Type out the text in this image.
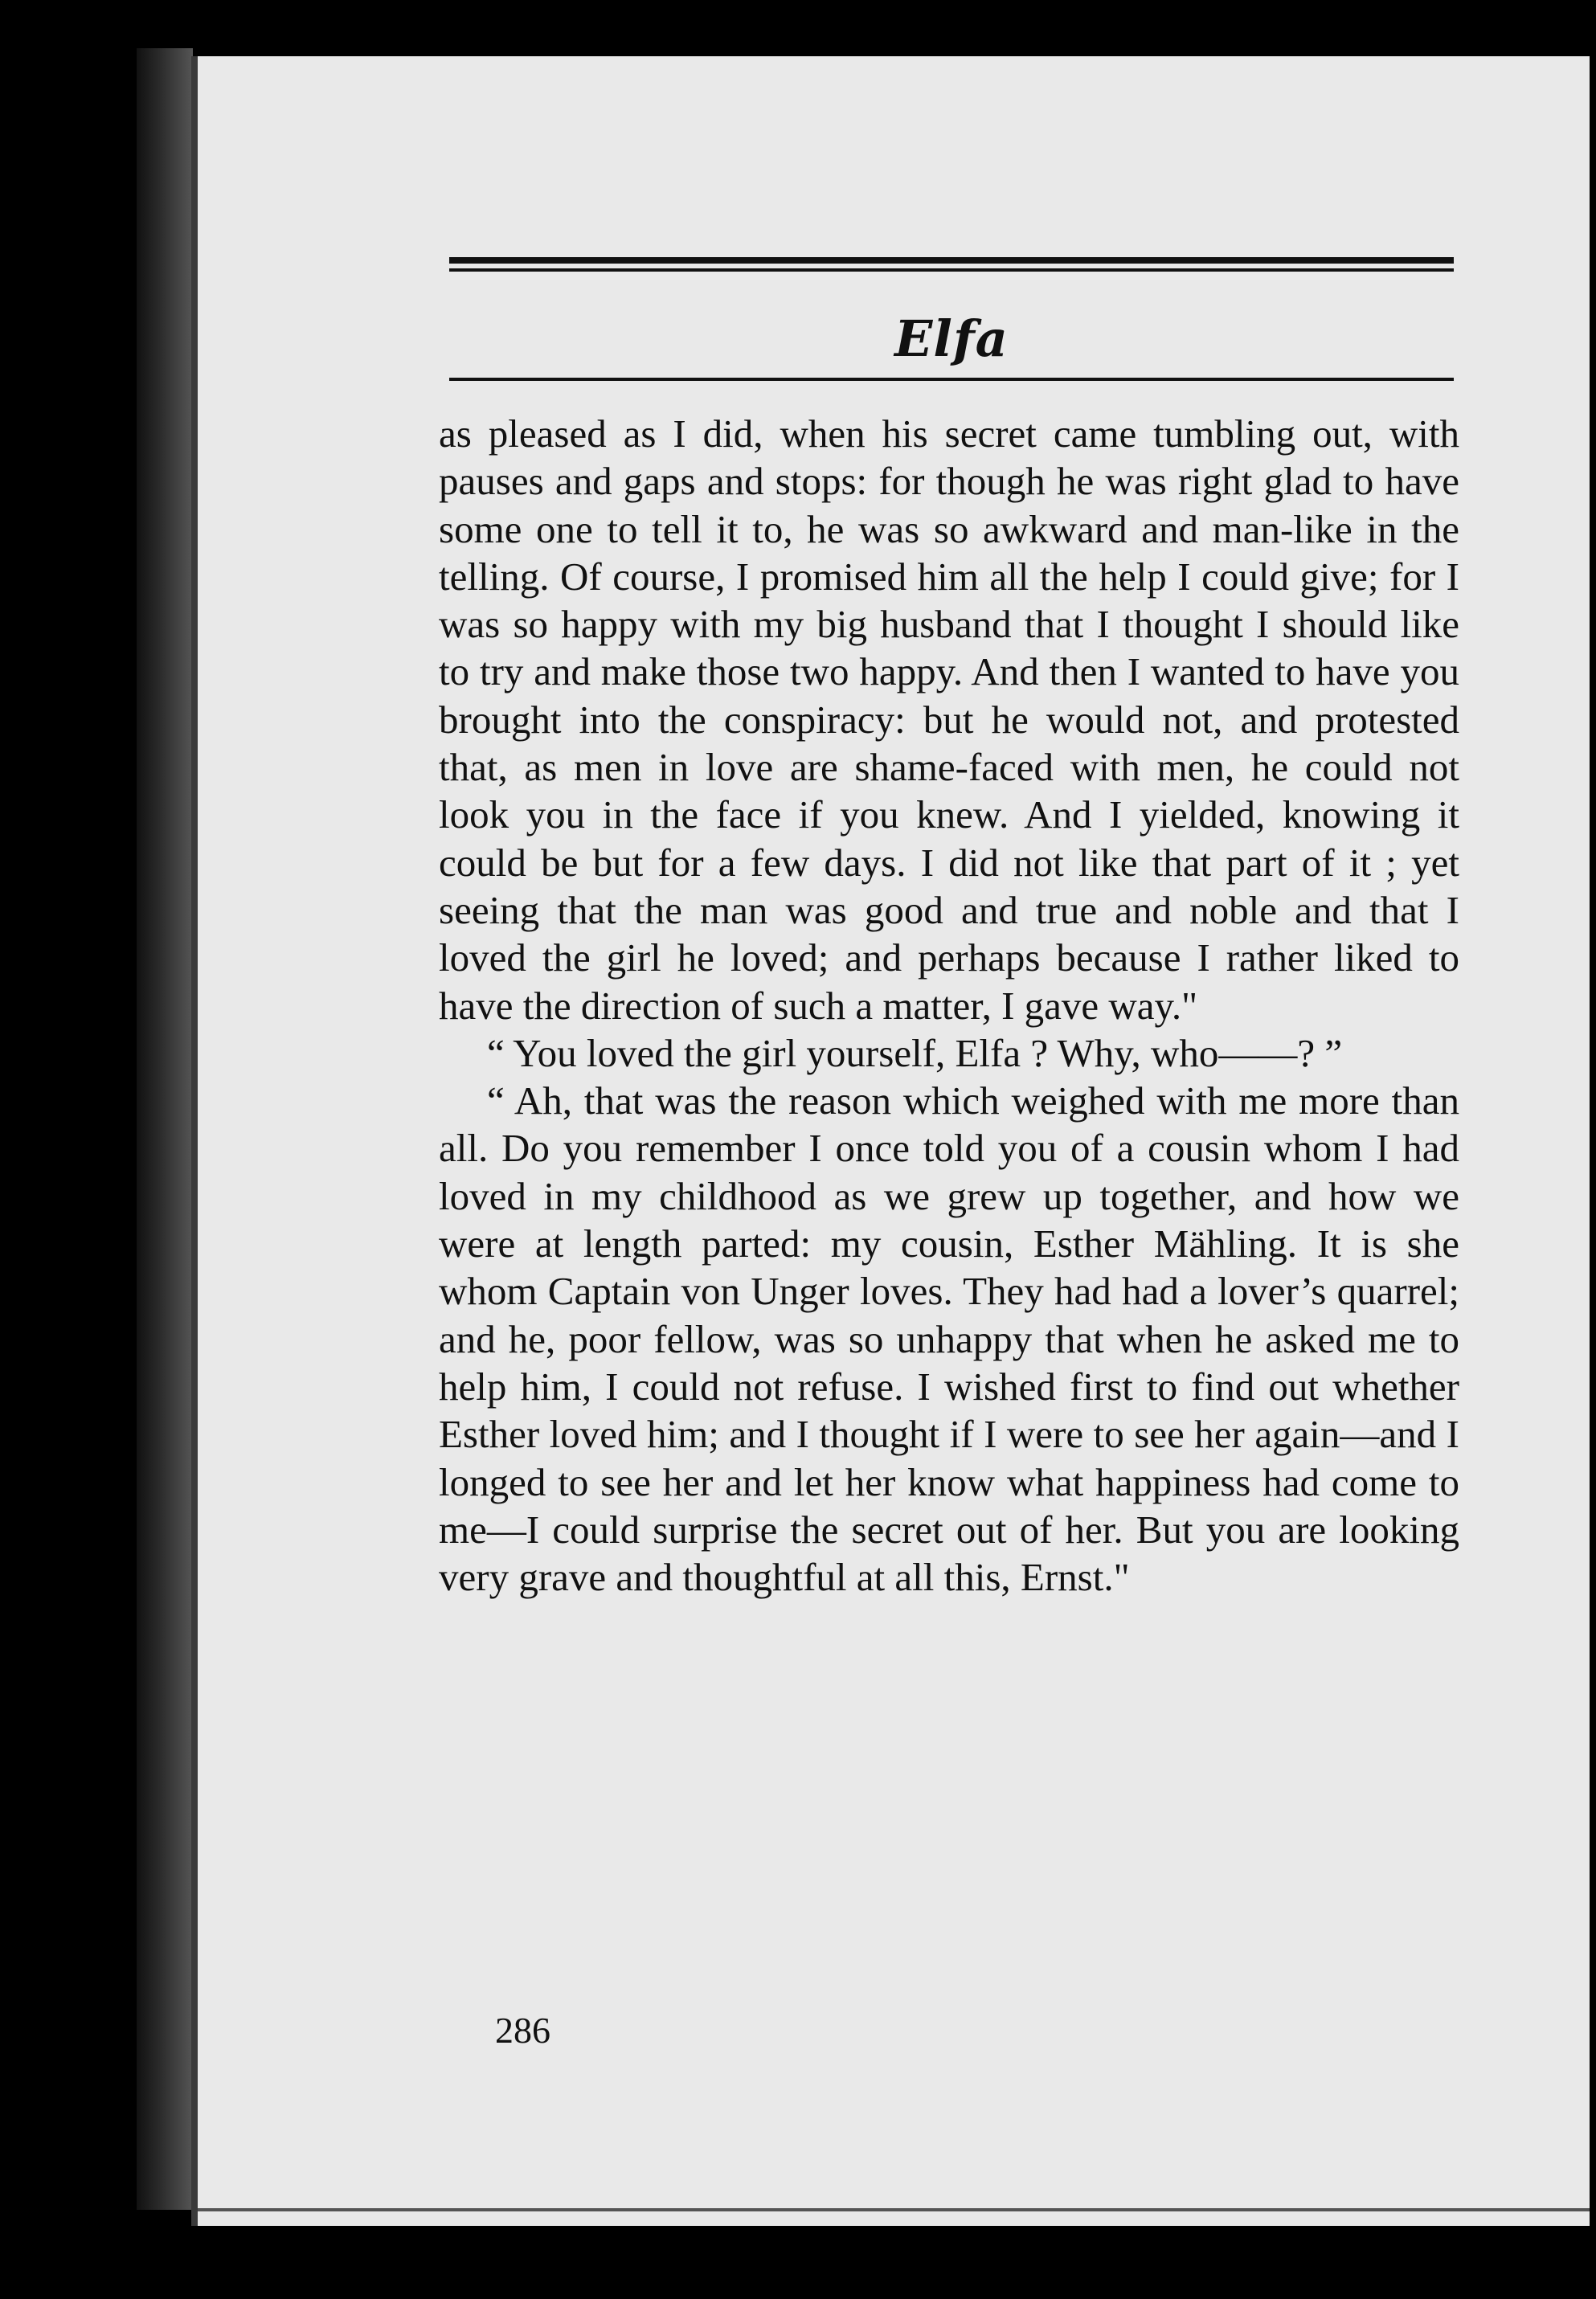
Elfa

as pleased as I did, when his secret came tumbling out, with pauses and gaps and stops: for though he was right glad to have some one to tell it to, he was so awkward and man-like in the telling. Of course, I promised him all the help I could give; for I was so happy with my big husband that I thought I should like to try and make those two happy. And then I wanted to have you brought into the conspiracy: but he would not, and protested that, as men in love are shame-faced with men, he could not look you in the face if you knew. And I yielded, knowing it could be but for a few days. I did not like that part of it ; yet seeing that the man was good and true and noble and that I loved the girl he loved; and perhaps because I rather liked to have the direction of such a matter, I gave way."

“ You loved the girl yourself, Elfa ? Why, who——? ”

“ Ah, that was the reason which weighed with me more than all. Do you remember I once told you of a cousin whom I had loved in my childhood as we grew up together, and how we were at length parted: my cousin, Esther Mähling. It is she whom Captain von Unger loves. They had had a lover’s quarrel; and he, poor fellow, was so unhappy that when he asked me to help him, I could not refuse. I wished first to find out whether Esther loved him; and I thought if I were to see her again—and I longed to see her and let her know what happiness had come to me—I could surprise the secret out of her. But you are looking very grave and thoughtful at all this, Ernst."

286
